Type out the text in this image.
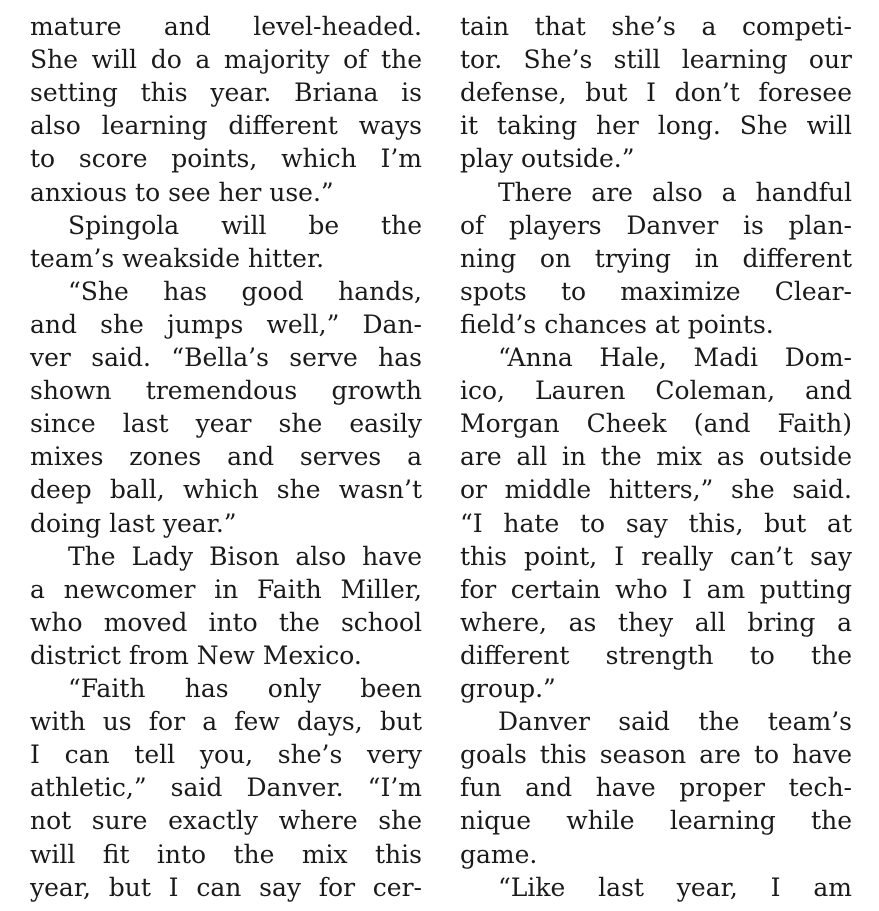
mature and level-headed.
She will do a majority of the
setting this year. Briana is
also learning different ways
to score points, which I’m
anxious to see her use.”
Spingola will be the
team’s weakside hitter.
“She has good hands,
and she jumps well,” Dan-
ver said. “Bella’s serve has
shown tremendous growth
since last year she easily
mixes zones and serves a
deep ball, which she wasn’t
doing last year.”
The Lady Bison also have
a newcomer in Faith Miller,
who moved into the school
district from New Mexico.
“Faith has only been
with us for a few days, but
I can tell you, she’s very
athletic,” said Danver. “I’m
not sure exactly where she
will fit into the mix this
year, but I can say for cer-
tain that she’s a competi-
tor. She’s still learning our
defense, but I don’t foresee
it taking her long. She will
play outside.”
There are also a handful
of players Danver is plan-
ning on trying in different
spots to maximize Clear-
field’s chances at points.
“Anna Hale, Madi Dom-
ico, Lauren Coleman, and
Morgan Cheek (and Faith)
are all in the mix as outside
or middle hitters,” she said.
“I hate to say this, but at
this point, I really can’t say
for certain who I am putting
where, as they all bring a
different strength to the
group.”
Danver said the team’s
goals this season are to have
fun and have proper tech-
nique while learning the
game.
“Like last year, I am
